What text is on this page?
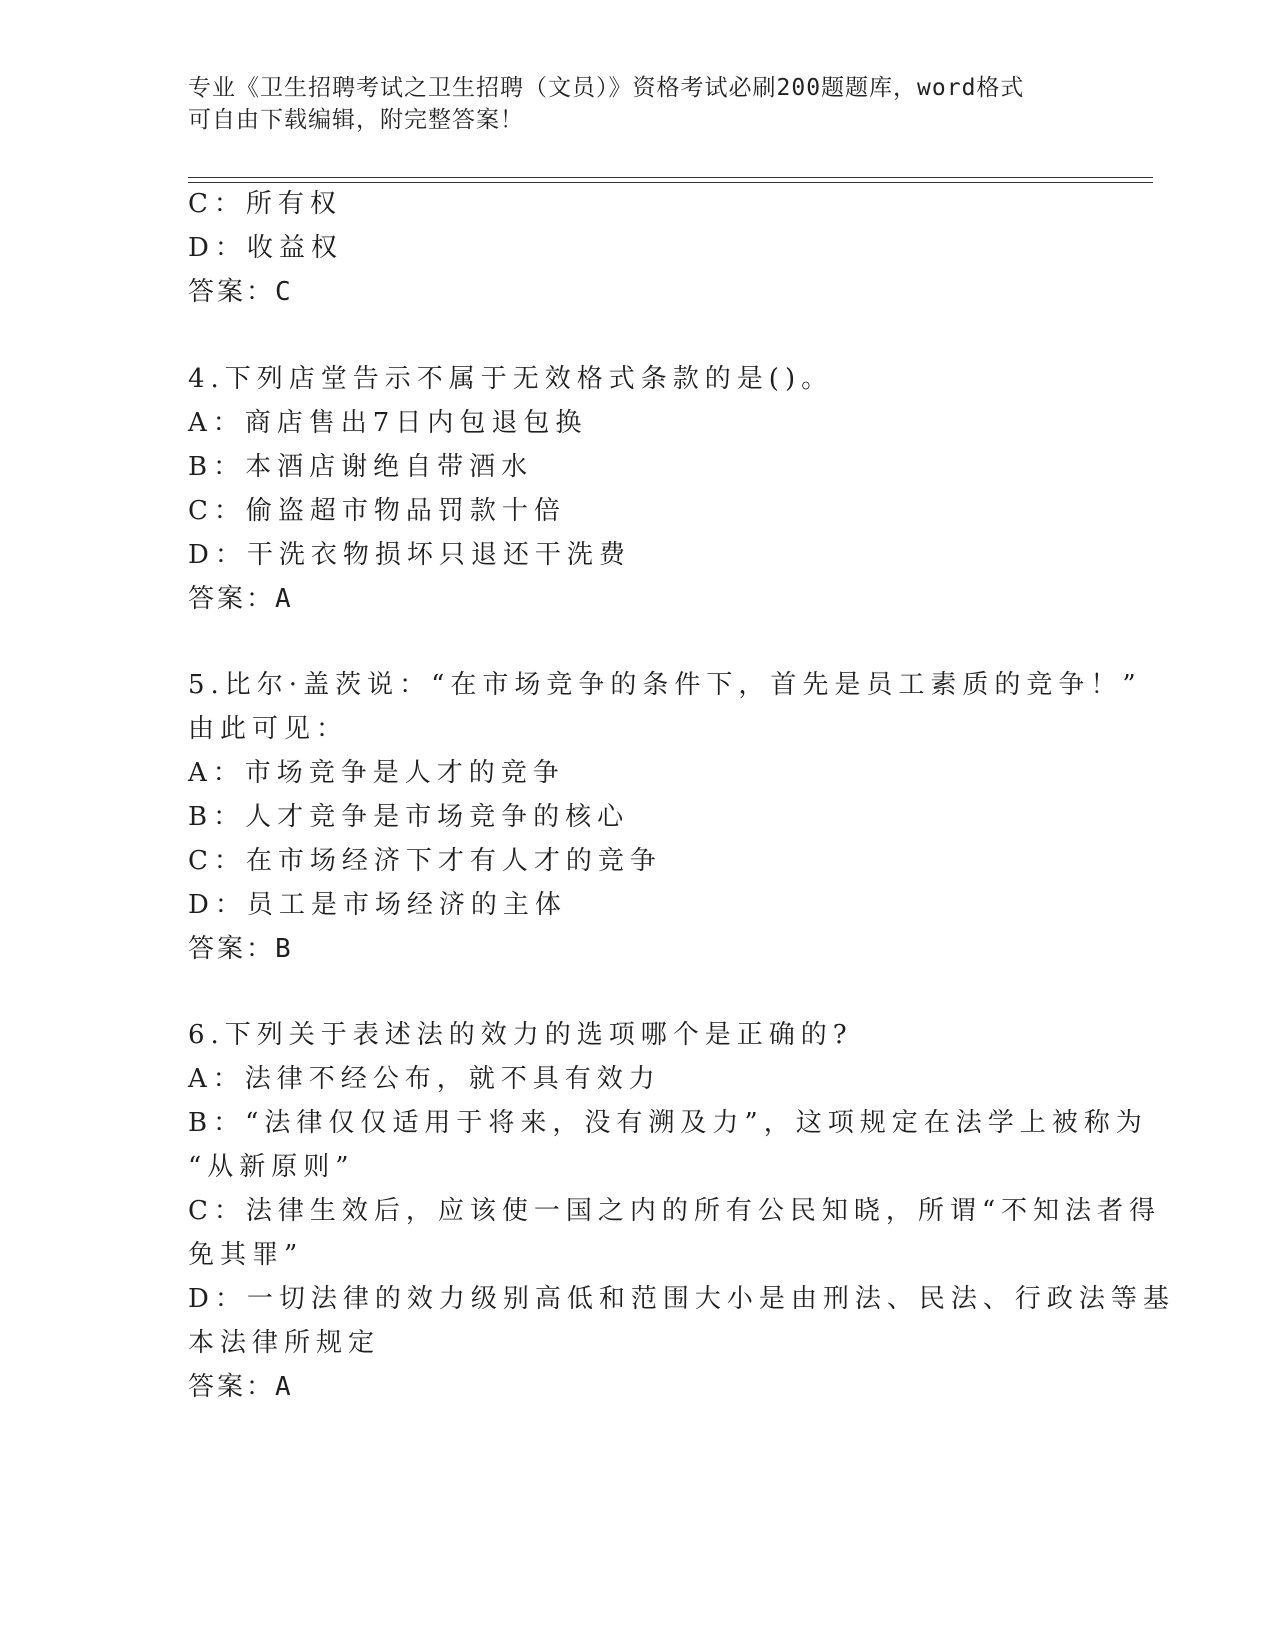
专业《卫生招聘考试之卫生招聘（文员）》资格考试必刷200题题库，word格式
可自由下载编辑，附完整答案！
C：所有权
D：收益权
答案：C
4.下列店堂告示不属于无效格式条款的是()。
A：商店售出7日内包退包换
B：本酒店谢绝自带酒水
C：偷盗超市物品罚款十倍
D：干洗衣物损坏只退还干洗费
答案：A
5.比尔·盖茨说：“在市场竞争的条件下，首先是员工素质的竞争！”
由此可见：
A：市场竞争是人才的竞争
B：人才竞争是市场竞争的核心
C：在市场经济下才有人才的竞争
D：员工是市场经济的主体
答案：B
6.下列关于表述法的效力的选项哪个是正确的?
A：法律不经公布，就不具有效力
B：“法律仅仅适用于将来，没有溯及力”，这项规定在法学上被称为
“从新原则”
C：法律生效后，应该使一国之内的所有公民知晓，所谓“不知法者得
免其罪”
D：一切法律的效力级别高低和范围大小是由刑法、民法、行政法等基
本法律所规定
答案：A
